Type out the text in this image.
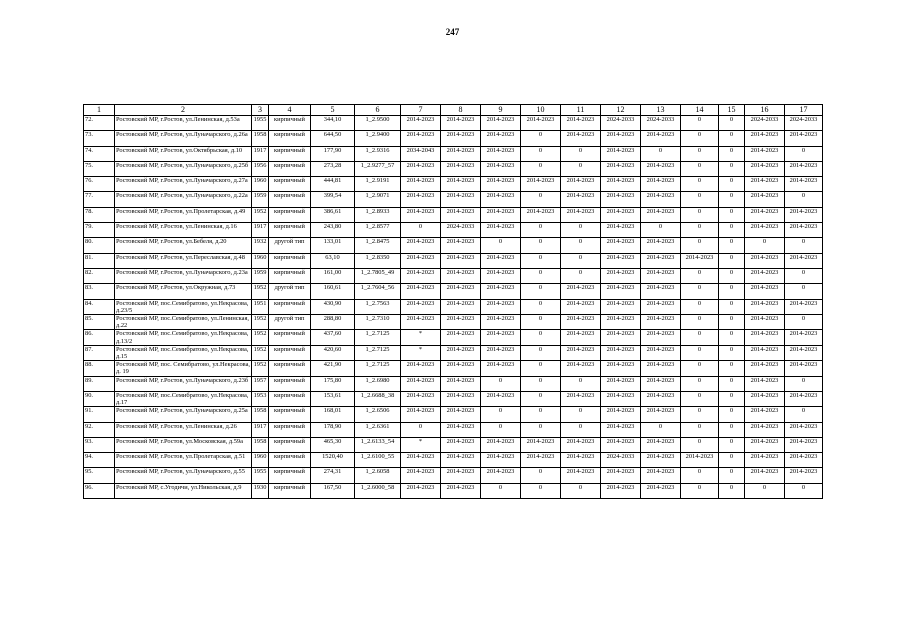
247
1	2	3	4	5	6	7	8	9	10	11	12	13	14	15	16	17
72.	Ростовский МР, г.Ростов, ул.Ленинская, д.53а	1955	кирпичный	344,10	1_2.9500	2014-2023	2014-2023	2014-2023	2014-2023	2014-2023	2024-2033	2024-2033	0	0	2024-2033	2024-2033
73.	Ростовский МР, г.Ростов, ул.Луначарского, д.26а	1958	кирпичный	644,50	1_2.9400	2014-2023	2014-2023	2014-2023	0	2014-2023	2014-2023	2014-2023	0	0	2014-2023	2014-2023
74.	Ростовский МР, г.Ростов, ул.Октябрьская, д.10	1917	кирпичный	177,90	1_2.9316	2034-2043	2014-2023	2014-2023	0	0	2014-2023	0	0	0	2014-2023	0
75.	Ростовский МР, г.Ростов, ул.Луначарского, д.25б	1956	кирпичный	273,28	1_2.9277_57	2014-2023	2014-2023	2014-2023	0	0	2014-2023	2014-2023	0	0	2014-2023	2014-2023
76.	Ростовский МР, г.Ростов, ул.Луначарского, д.27а	1960	кирпичный	444,81	1_2.9191	2014-2023	2014-2023	2014-2023	2014-2023	2014-2023	2014-2023	2014-2023	0	0	2014-2023	2014-2023
77.	Ростовский МР, г.Ростов, ул.Луначарского, д.22а	1959	кирпичный	399,54	1_2.9071	2014-2023	2014-2023	2014-2023	0	2014-2023	2014-2023	2014-2023	0	0	2014-2023	0
78.	Ростовский МР, г.Ростов, ул.Пролетарская, д.49	1952	кирпичный	386,61	1_2.8933	2014-2023	2014-2023	2014-2023	2014-2023	2014-2023	2014-2023	2014-2023	0	0	2014-2023	2014-2023
79.	Ростовский МР, г.Ростов, ул.Ленинская, д.16	1917	кирпичный	243,80	1_2.8577	0	2024-2033	2014-2023	0	0	2014-2023	0	0	0	2014-2023	2014-2023
80.	Ростовский МР, г.Ростов, ул.Бебеля, д.20	1932	другой тип	133,01	1_2.8475	2014-2023	2014-2023	0	0	0	2014-2023	2014-2023	0	0	0	0
81.	Ростовский МР, г.Ростов, ул.Переславская, д.48	1960	кирпичный	63,10	1_2.8350	2014-2023	2014-2023	2014-2023	0	0	2014-2023	2014-2023	2014-2023	0	2014-2023	2014-2023
82.	Ростовский МР, г.Ростов, ул.Луначарского, д.23а	1959	кирпичный	161,00	1_2.7805_49	2014-2023	2014-2023	2014-2023	0	0	2014-2023	2014-2023	0	0	2014-2023	0
83.	Ростовский МР, г.Ростов, ул.Окружная, д.73	1952	другой тип	160,61	1_2.7604_56	2014-2023	2014-2023	2014-2023	0	2014-2023	2014-2023	2014-2023	0	0	2014-2023	0
84.	Ростовский МР, пос.Семибратово, ул.Некрасова, д.23/5	1951	кирпичный	430,90	1_2.7563	2014-2023	2014-2023	2014-2023	0	2014-2023	2014-2023	2014-2023	0	0	2014-2023	2014-2023
85.	Ростовский МР, пос.Семибратово, ул.Ленинская, д.22	1952	другой тип	288,80	1_2.7310	2014-2023	2014-2023	2014-2023	0	2014-2023	2014-2023	2014-2023	0	0	2014-2023	0
86.	Ростовский МР, пос.Семибратово, ул.Некрасова, д.13/2	1952	кирпичный	437,60	1_2.7125	*	2014-2023	2014-2023	0	2014-2023	2014-2023	2014-2023	0	0	2014-2023	2014-2023
87.	Ростовский МР, пос.Семибратово, ул.Некрасова, д.15	1952	кирпичный	420,60	1_2.7125	*	2014-2023	2014-2023	0	2014-2023	2014-2023	2014-2023	0	0	2014-2023	2014-2023
88.	Ростовский МР, пос. Семибратово, ул.Некрасова, д. 19	1952	кирпичный	421,90	1_2.7125	2014-2023	2014-2023	2014-2023	0	2014-2023	2014-2023	2014-2023	0	0	2014-2023	2014-2023
89.	Ростовский МР, г.Ростов, ул.Луначарского, д.23б	1957	кирпичный	175,80	1_2.6980	2014-2023	2014-2023	0	0	0	2014-2023	2014-2023	0	0	2014-2023	0
90.	Ростовский МР, пос.Семибратово, ул.Некрасова, д.17	1953	кирпичный	153,61	1_2.6688_38	2014-2023	2014-2023	2014-2023	0	2014-2023	2014-2023	2014-2023	0	0	2014-2023	2014-2023
91.	Ростовский МР, г.Ростов, ул.Луначарского, д.25а	1958	кирпичный	168,01	1_2.6506	2014-2023	2014-2023	0	0	0	2014-2023	2014-2023	0	0	2014-2023	0
92.	Ростовский МР, г.Ростов, ул.Ленинская, д.26	1917	кирпичный	178,90	1_2.6361	0	2014-2023	0	0	0	2014-2023	0	0	0	2014-2023	2014-2023
93.	Ростовский МР, г.Ростов, ул.Московская, д.59а	1958	кирпичный	465,30	1_2.6133_54	*	2014-2023	2014-2023	2014-2023	2014-2023	2014-2023	2014-2023	0	0	2014-2023	2014-2023
94.	Ростовский МР, г.Ростов, ул.Пролетарская, д.51	1960	кирпичный	1520,40	1_2.6100_55	2014-2023	2014-2023	2014-2023	2014-2023	2014-2023	2024-2033	2014-2023	2014-2023	0	2014-2023	2014-2023
95.	Ростовский МР, г.Ростов, ул.Луначарского, д.55	1955	кирпичный	274,31	1_2.6058	2014-2023	2014-2023	2014-2023	0	2014-2023	2014-2023	2014-2023	0	0	2014-2023	2014-2023
96.	Ростовский МР, с.Угодичи, ул.Никольская, д.9	1930	кирпичный	167,50	1_2.6000_58	2014-2023	2014-2023	0	0	0	2014-2023	2014-2023	0	0	0	0
